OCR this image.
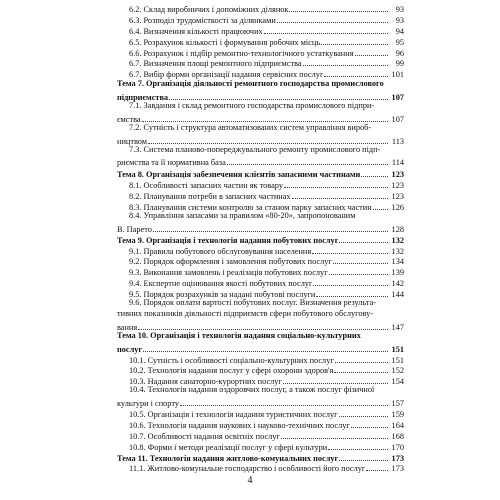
6.2. Склад виробничих і допоміжних ділянок	93
6.3. Розподіл трудомісткості за ділянками	93
6.4. Визначення кількості працюючих	94
6.5. Розрахунок кількості і формування робочих місць	95
6.6. Розрахунок і підбір ремонтно-технологічного устаткування	96
6.7. Визначення площі ремонтного підприємства	99
6.7. Вибір форми організації надання сервісних послуг	101
Тема 7. Організація діяльності ремонтного господарства промислового
підприємства	107
7.1. Завдання і склад ремонтного господарства промислового підпри-
ємства	107
7.2. Сутність і структура автоматизованих систем управління вироб-
ництвом	113
7.3. Система планово-попереджувального ремонту промислового підп-
риємства та її нормативна база	114
Тема 8. Організація забезпечення клієнтів запасними частинами	123
8.1. Особливості запасних частин як товару	123
8.2. Планування потреби в запасних частинах	123
8.3. Планування системи контролю за станом парку запасних частин 126
8.4. Управління запасами за правилом «80-20», запропонованим
В. Парето	128
Тема 9. Організація і технологія надання побутових послуг	132
9.1. Правила побутового обслуговування населення	132
9.2. Порядок оформлення і замовлення побутових послуг	134
9.3. Виконання замовлень і реалізація побутових послуг	139
9.4. Експертне оцінювання якості побутових послуг	142
9.5. Порядок розрахунків за надані побутові послуги	144
9.6. Порядок оплати вартості побутових послуг. Визначення результа-
тивних показників діяльності підприємств сфери побутового обслугову-
вання	147
Тема 10. Організація і технологія надання соціально-культурних
послуг	151
10.1. Сутність і особливості соціально-культурних послуг	151
10.2. Технологія надання послуг у сфері охорони здоров'я	152
10.3. Надання санаторно-курортних послуг	154
10.4. Технологія надання оздоровчих послуг, а також послуг фізичної
культури і спорту	157
10.5. Організація і технологія надання туристичних послуг	159
10.6. Технологія надання наукових і науково-технічних послуг	164
10.7. Особливості надання освітніх послуг	168
10.8. Форми і методи реалізації послуг у сфері культури	170
Тема 11. Технологія надання житлово-комунальних послуг	173
11.1. Житлово-комунальне господарство і особливості його послуг	173
4
